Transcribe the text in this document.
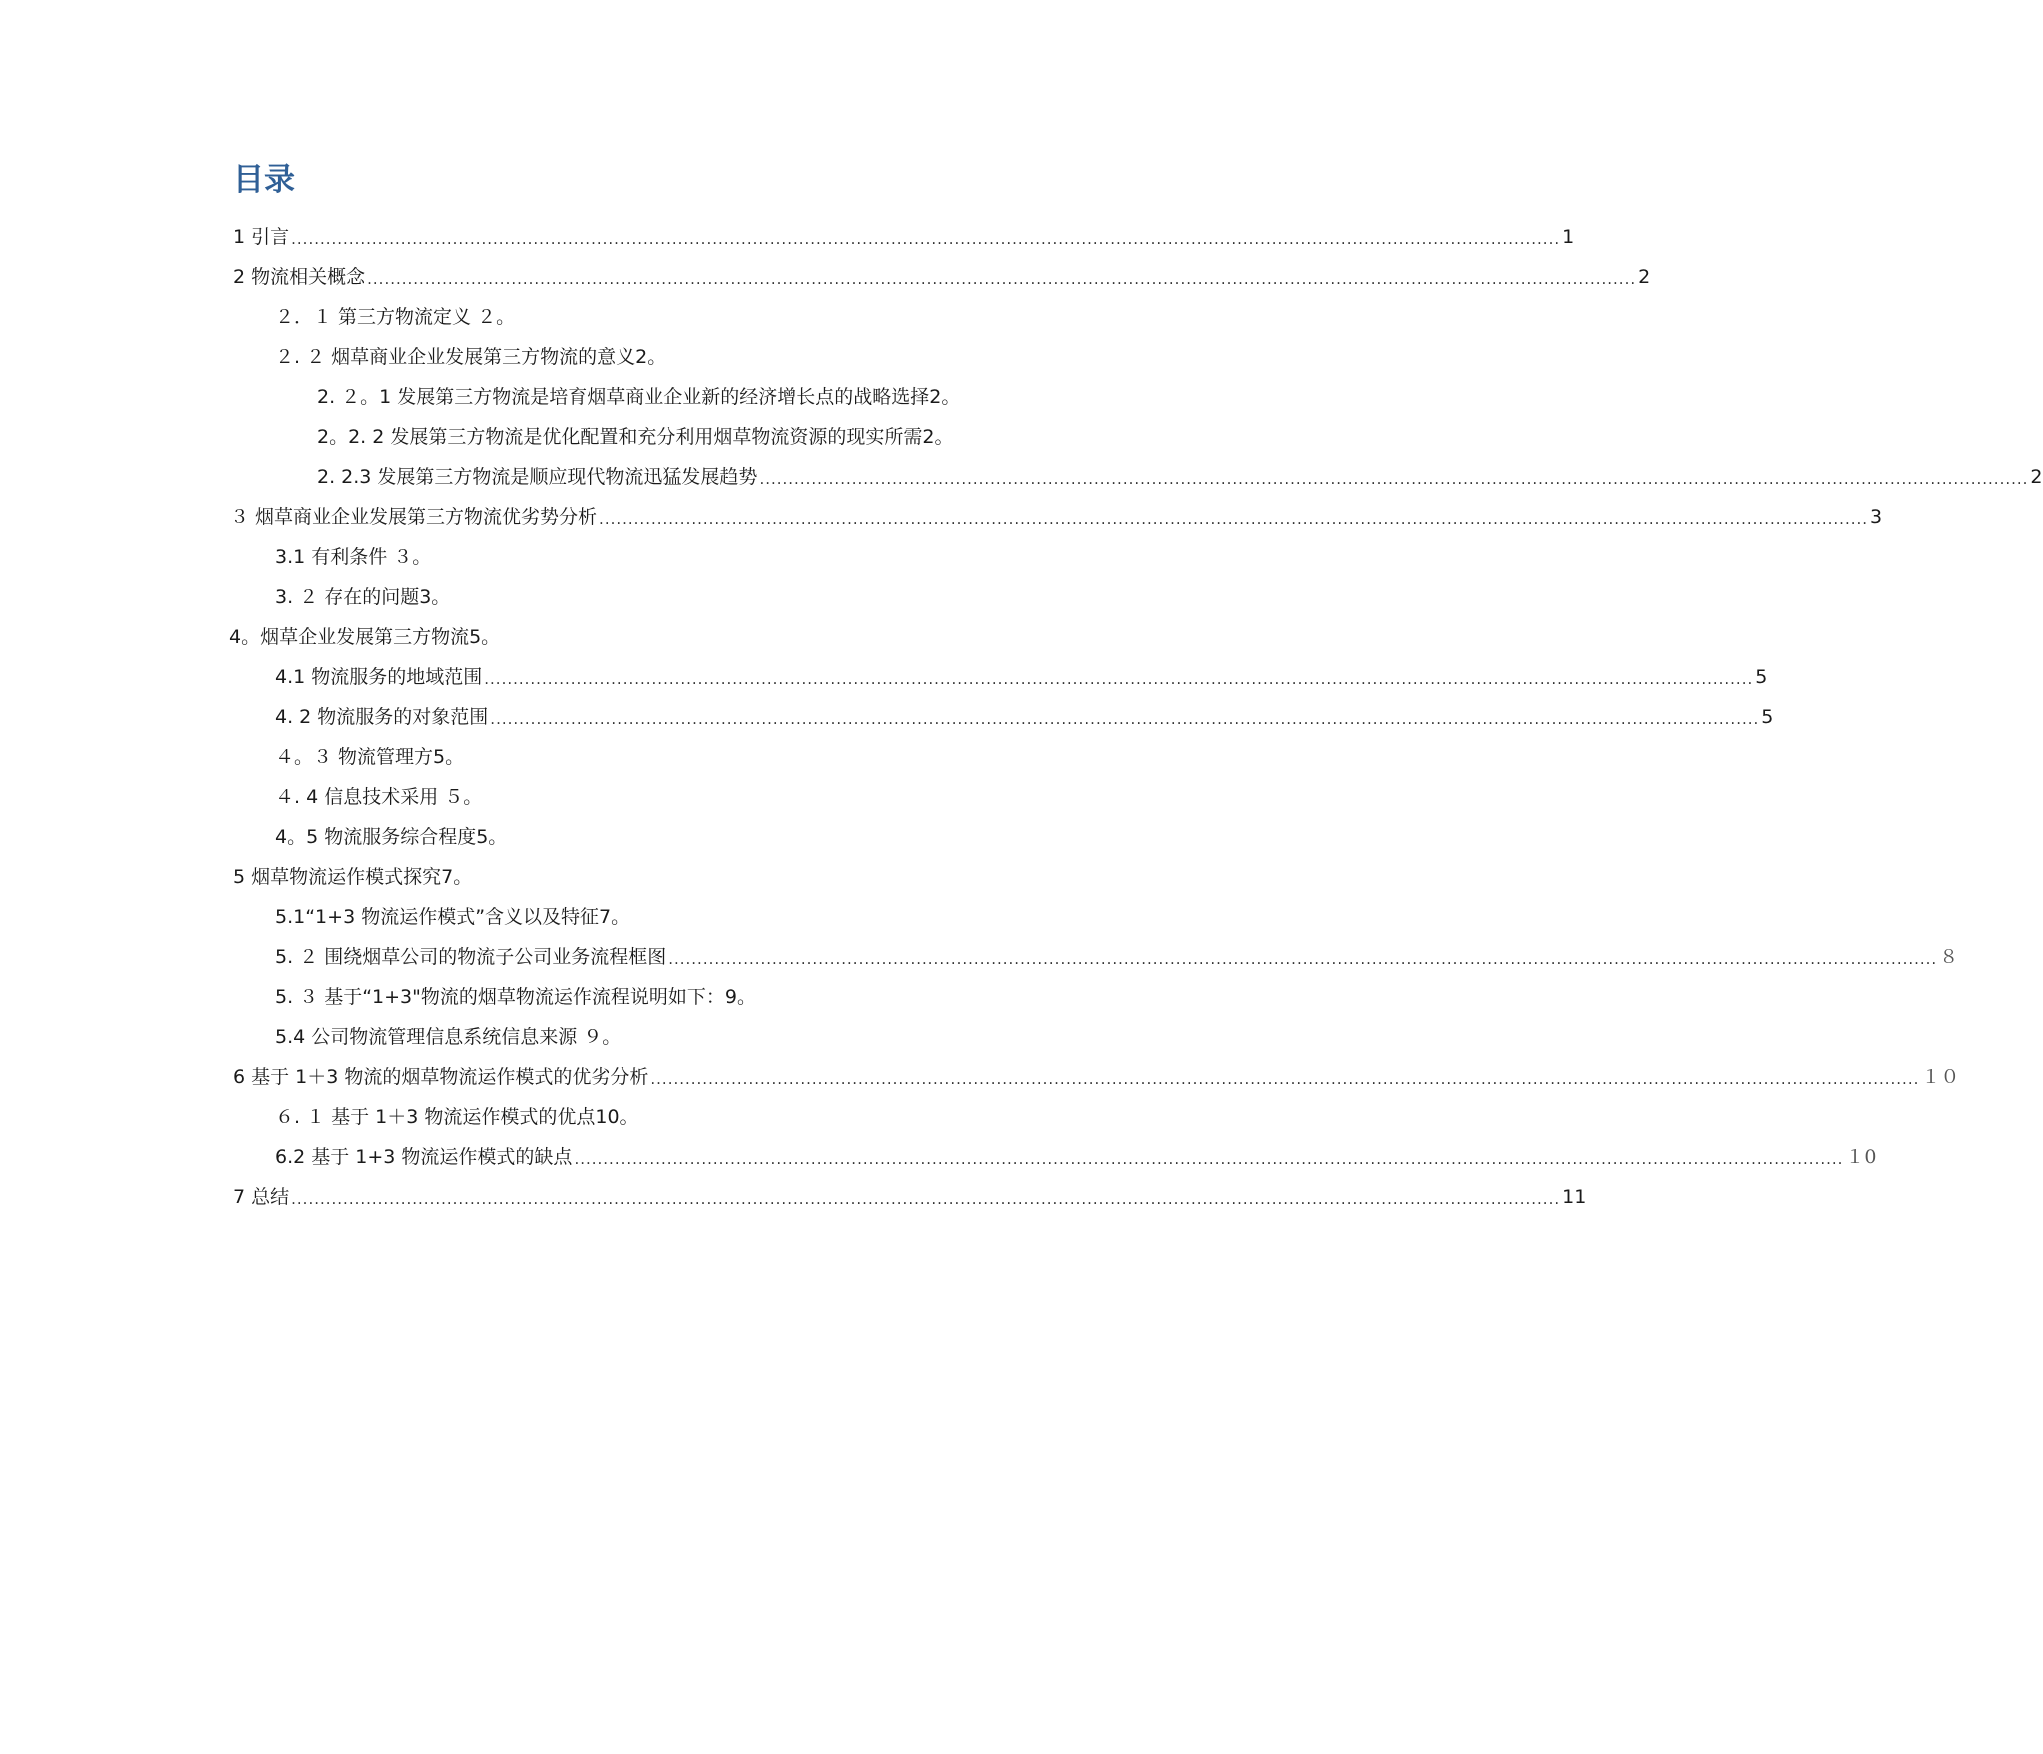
目录
1 引言 ............................................................................................................................................................................................................................ 1
2 物流相关概念 ............................................................................................................................................................................................................................ 2
２．１ 第三方物流定义 ２。
２. ２ 烟草商业企业发展第三方物流的意义2。
2. ２。1 发展第三方物流是培育烟草商业企业新的经济增长点的战略选择2。
2。2. 2 发展第三方物流是优化配置和充分利用烟草物流资源的现实所需2。
2. 2.3 发展第三方物流是顺应现代物流迅猛发展趋势 ............................................................................................................................................................................................................................ 2
３ 烟草商业企业发展第三方物流优劣势分析 ............................................................................................................................................................................................................................ 3
3.1 有利条件 ３。
3. ２ 存在的问题3。
4。烟草企业发展第三方物流5。
4.1 物流服务的地域范围 ............................................................................................................................................................................................................................ 5
4. 2 物流服务的对象范围 ............................................................................................................................................................................................................................ 5
４。３ 物流管理方5。
４. 4 信息技术采用 ５。
4。5 物流服务综合程度5。
5 烟草物流运作模式探究7。
5.1“1+3 物流运作模式”含义以及特征7。
5. ２ 围绕烟草公司的物流子公司业务流程框图 ............................................................................................................................................................................................................................ ８
5. ３ 基于“1+3"物流的烟草物流运作流程说明如下：9。
5.4 公司物流管理信息系统信息来源 ９。
6 基于 1＋3 物流的烟草物流运作模式的优劣分析 ............................................................................................................................................................................................................................ １０
６. １ 基于 1＋3 物流运作模式的优点10。
6.2 基于 1+3 物流运作模式的缺点 ............................................................................................................................................................................................................................ １0
7 总结 ............................................................................................................................................................................................................................ 11
